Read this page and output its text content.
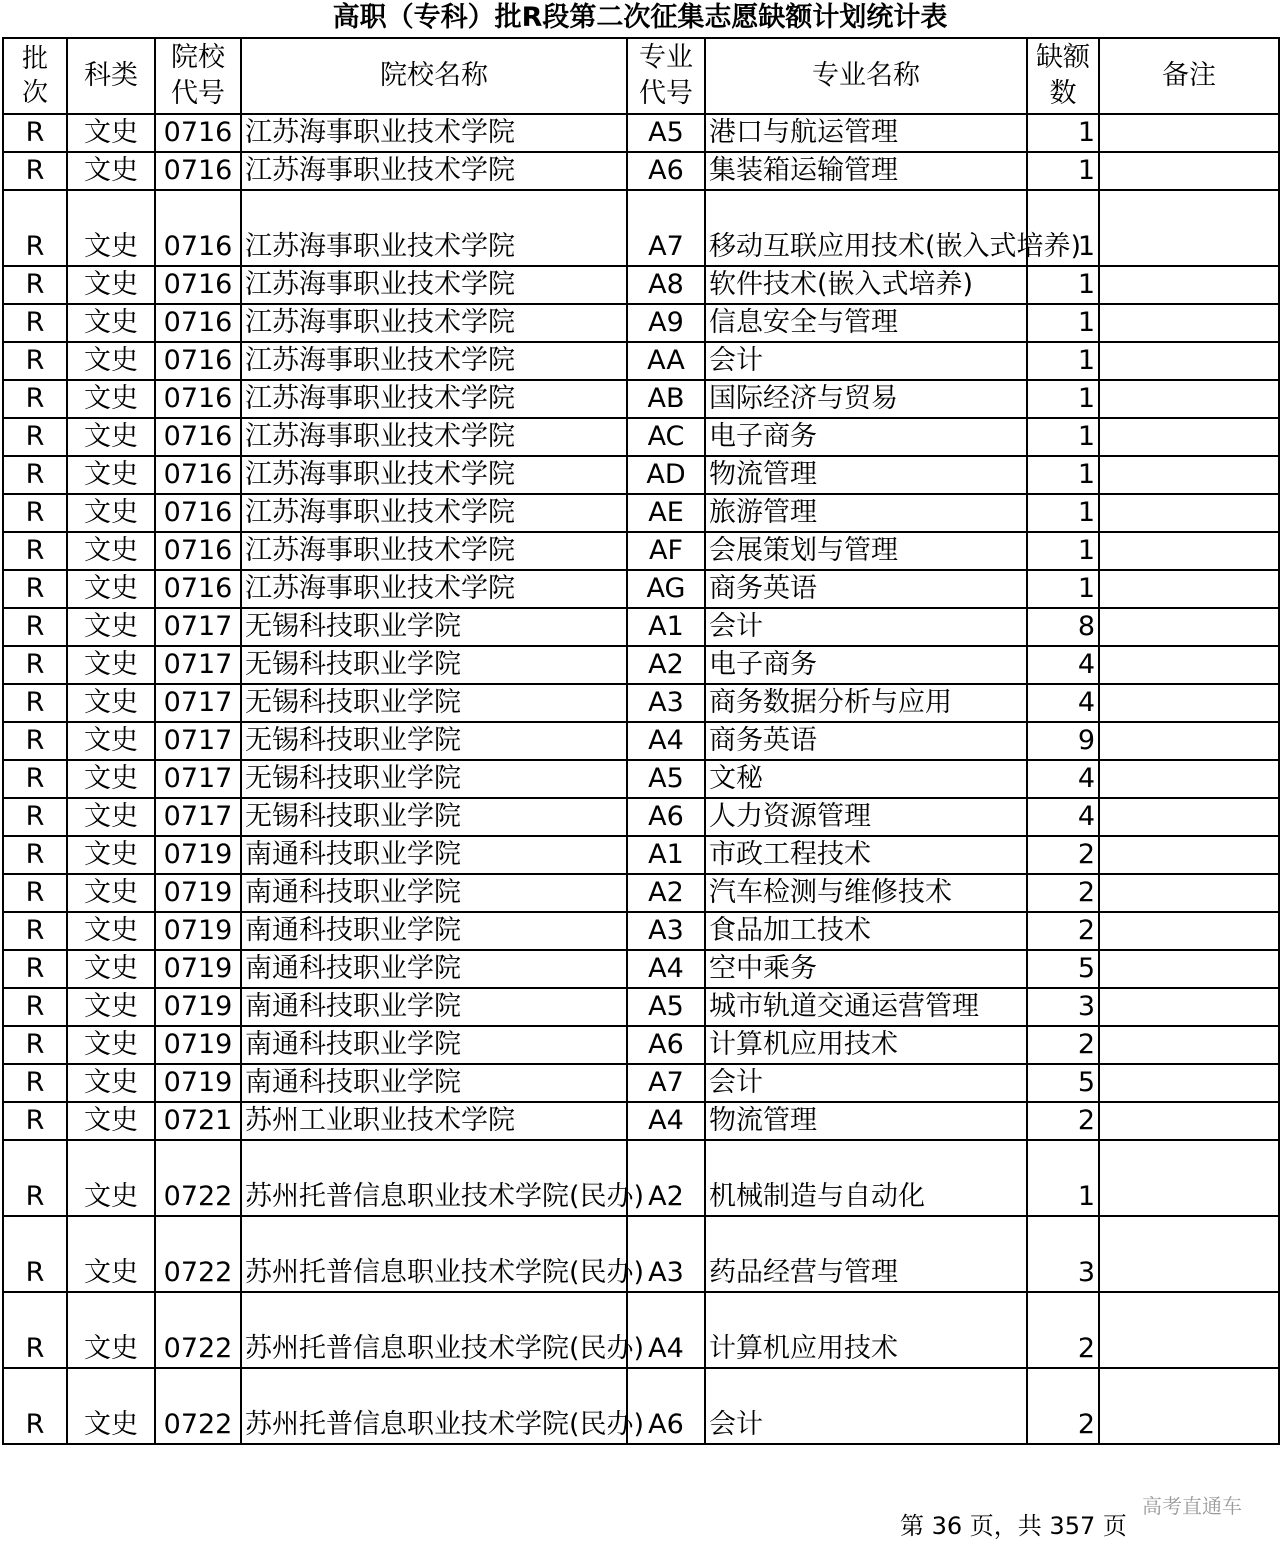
高职（专科）批R段第二次征集志愿缺额计划统计表
批次	科类	院校代号	院校名称	专业代号	专业名称	缺额数	备注
R	文史	0716	江苏海事职业技术学院	A5	港口与航运管理	1	
R	文史	0716	江苏海事职业技术学院	A6	集装箱运输管理	1	
R	文史	0716	江苏海事职业技术学院	A7	移动互联应用技术(嵌入式培养)	1	
R	文史	0716	江苏海事职业技术学院	A8	软件技术(嵌入式培养)	1	
R	文史	0716	江苏海事职业技术学院	A9	信息安全与管理	1	
R	文史	0716	江苏海事职业技术学院	AA	会计	1	
R	文史	0716	江苏海事职业技术学院	AB	国际经济与贸易	1	
R	文史	0716	江苏海事职业技术学院	AC	电子商务	1	
R	文史	0716	江苏海事职业技术学院	AD	物流管理	1	
R	文史	0716	江苏海事职业技术学院	AE	旅游管理	1	
R	文史	0716	江苏海事职业技术学院	AF	会展策划与管理	1	
R	文史	0716	江苏海事职业技术学院	AG	商务英语	1	
R	文史	0717	无锡科技职业学院	A1	会计	8	
R	文史	0717	无锡科技职业学院	A2	电子商务	4	
R	文史	0717	无锡科技职业学院	A3	商务数据分析与应用	4	
R	文史	0717	无锡科技职业学院	A4	商务英语	9	
R	文史	0717	无锡科技职业学院	A5	文秘	4	
R	文史	0717	无锡科技职业学院	A6	人力资源管理	4	
R	文史	0719	南通科技职业学院	A1	市政工程技术	2	
R	文史	0719	南通科技职业学院	A2	汽车检测与维修技术	2	
R	文史	0719	南通科技职业学院	A3	食品加工技术	2	
R	文史	0719	南通科技职业学院	A4	空中乘务	5	
R	文史	0719	南通科技职业学院	A5	城市轨道交通运营管理	3	
R	文史	0719	南通科技职业学院	A6	计算机应用技术	2	
R	文史	0719	南通科技职业学院	A7	会计	5	
R	文史	0721	苏州工业职业技术学院	A4	物流管理	2	
R	文史	0722	苏州托普信息职业技术学院(民办)	A2	机械制造与自动化	1	
R	文史	0722	苏州托普信息职业技术学院(民办)	A3	药品经营与管理	3	
R	文史	0722	苏州托普信息职业技术学院(民办)	A4	计算机应用技术	2	
R	文史	0722	苏州托普信息职业技术学院(民办)	A6	会计	2	
第 36 页，共 357 页
高考直通车
